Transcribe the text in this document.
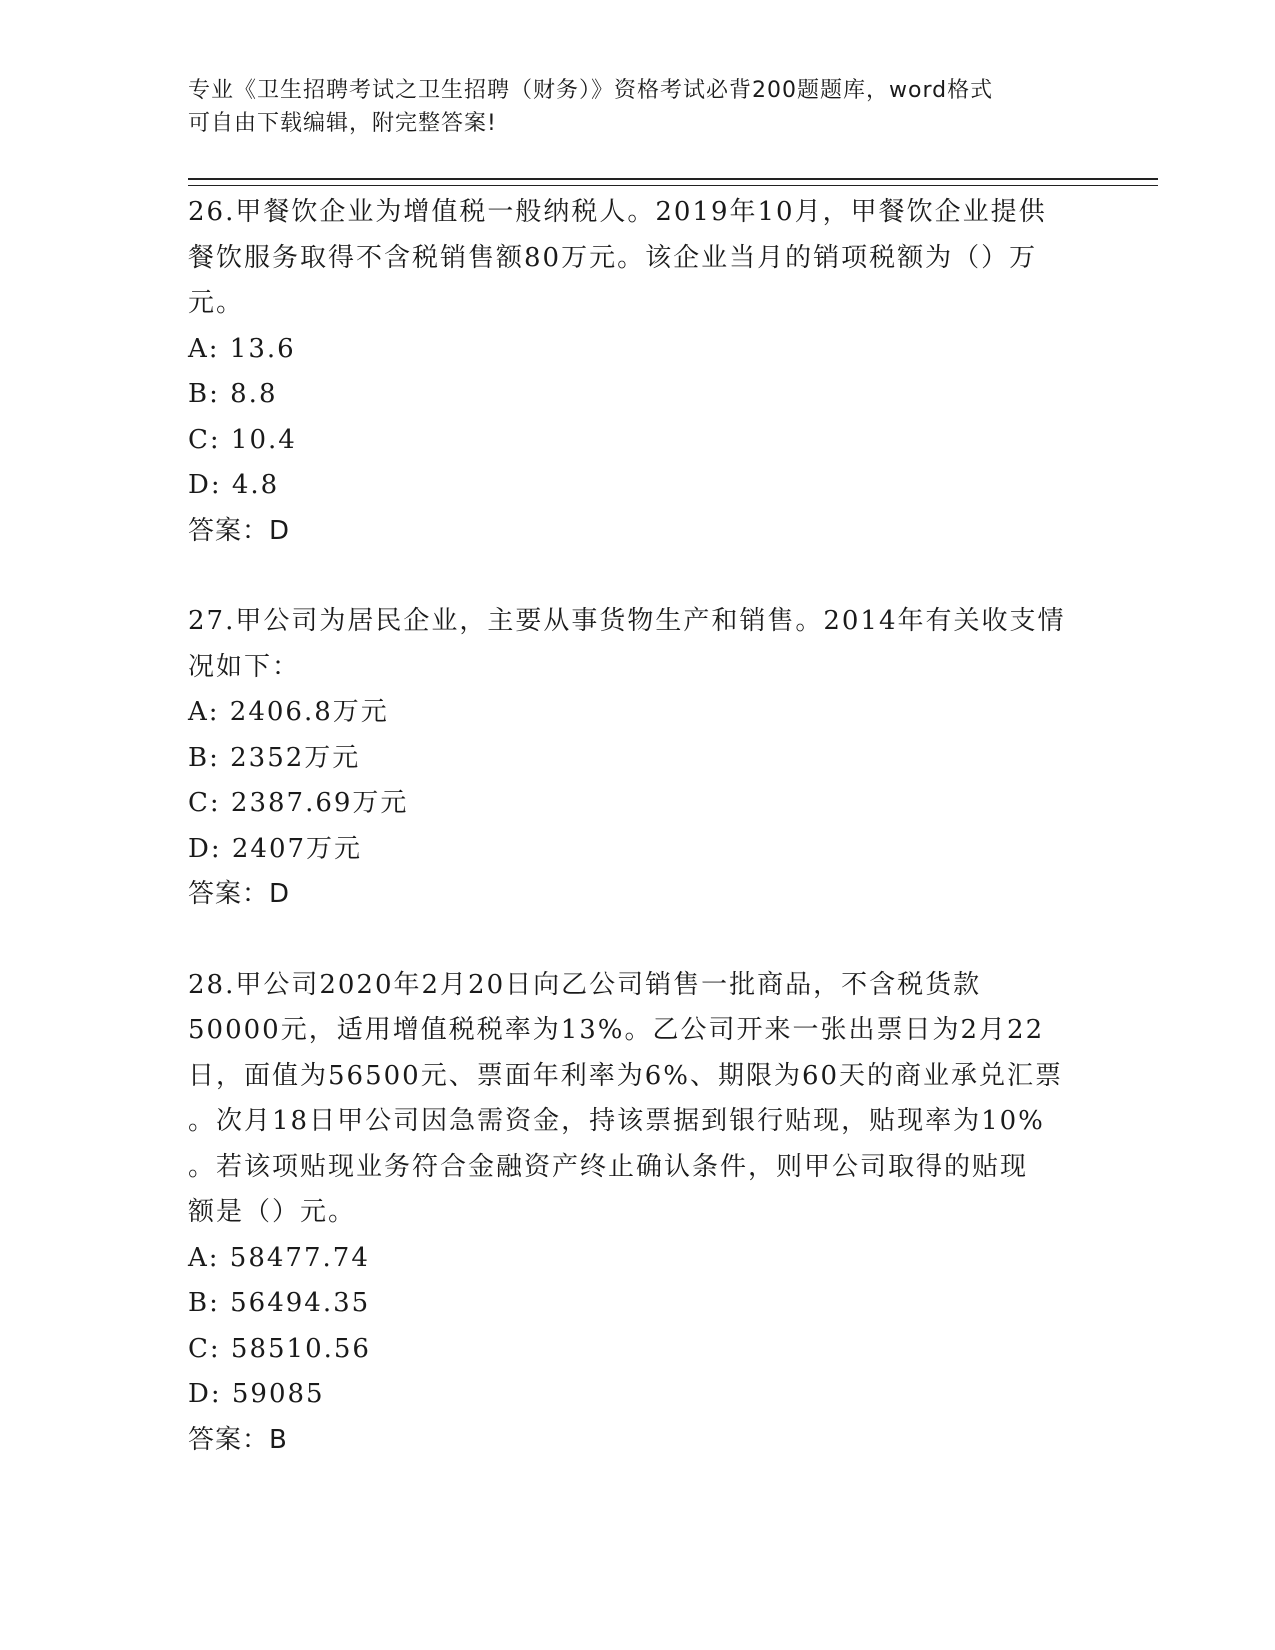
专业《卫生招聘考试之卫生招聘（财务）》资格考试必背200题题库，word格式
可自由下载编辑，附完整答案!
26.甲餐饮企业为增值税一般纳税人。2019年10月，甲餐饮企业提供
餐饮服务取得不含税销售额80万元。该企业当月的销项税额为（）万
元。
A: 13.6
B: 8.8
C: 10.4
D: 4.8
答案：D
27.甲公司为居民企业，主要从事货物生产和销售。2014年有关收支情
况如下：
A: 2406.8万元
B: 2352万元
C: 2387.69万元
D: 2407万元
答案：D
28.甲公司2020年2月20日向乙公司销售一批商品，不含税货款
50000元，适用增值税税率为13%。乙公司开来一张出票日为2月22
日，面值为56500元、票面年利率为6%、期限为60天的商业承兑汇票
。次月18日甲公司因急需资金，持该票据到银行贴现，贴现率为10%
。若该项贴现业务符合金融资产终止确认条件，则甲公司取得的贴现
额是（）元。
A: 58477.74
B: 56494.35
C: 58510.56
D: 59085
答案：B
